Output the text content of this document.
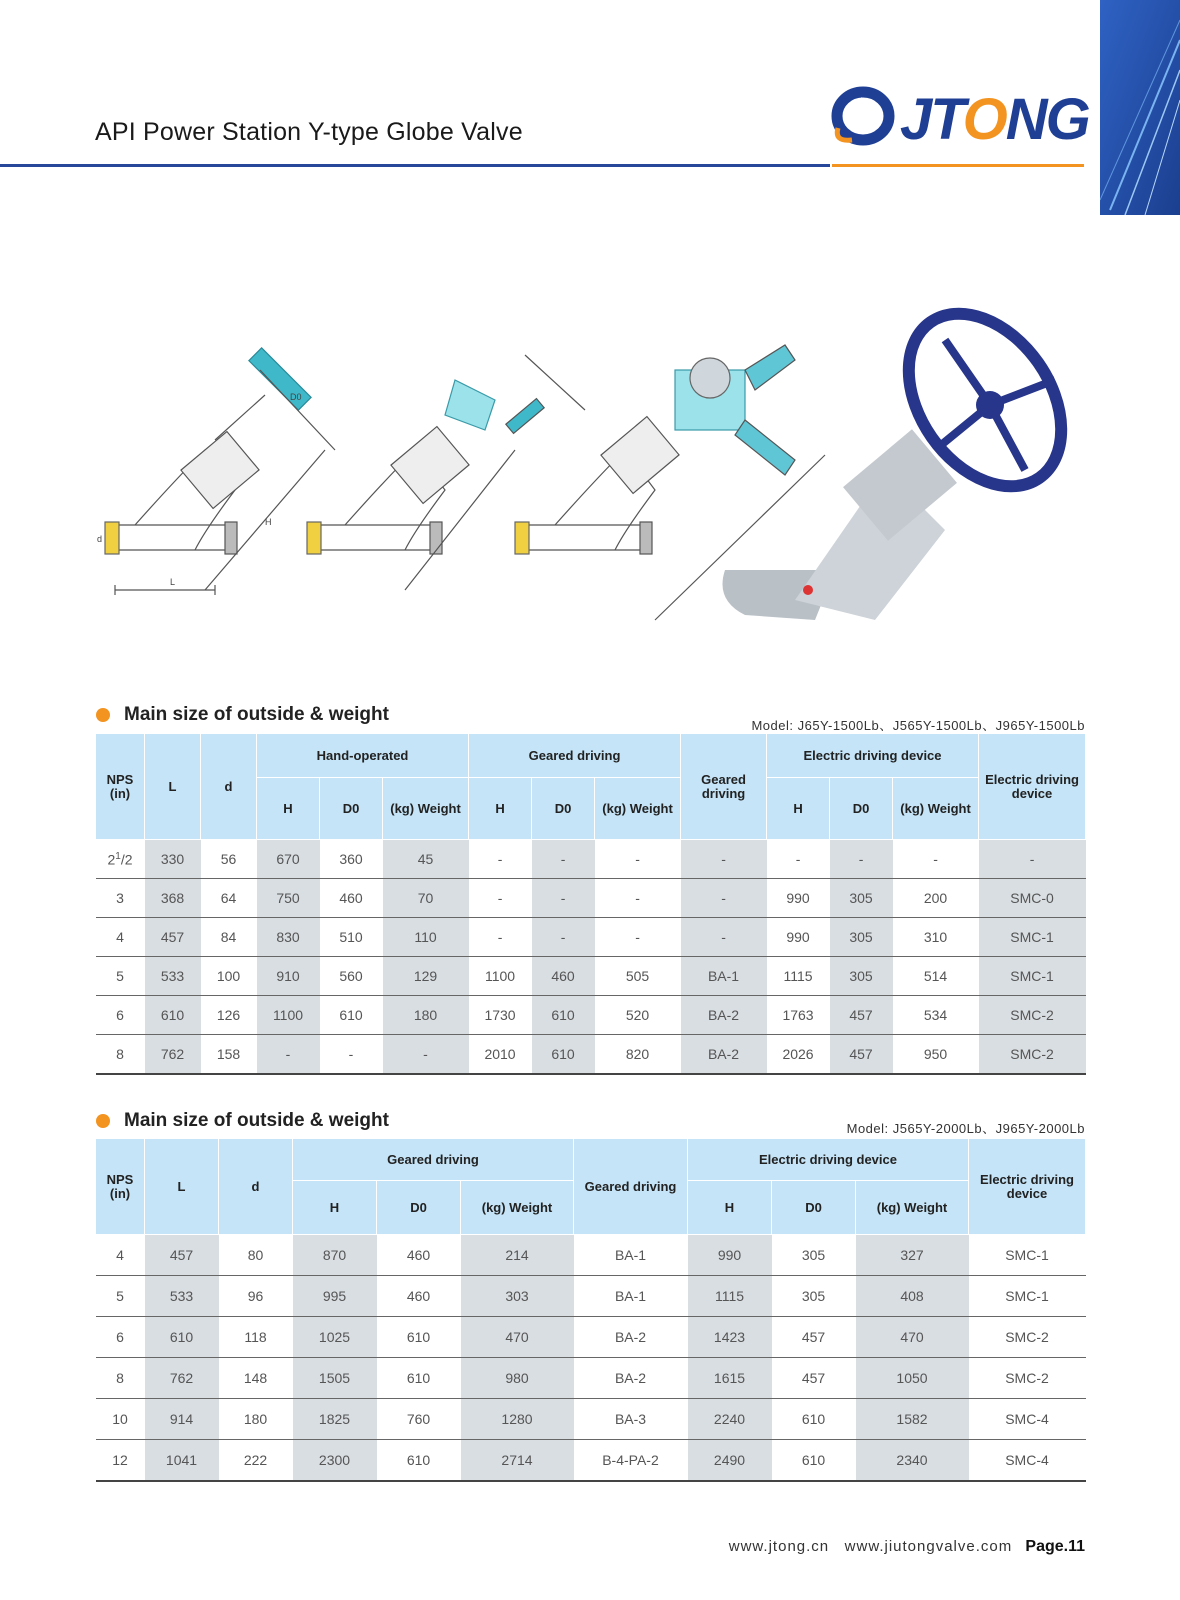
API Power Station Y-type Globe Valve	JTONG
L
H
d
D0
Main size of outside & weight
Model: J65Y-1500Lb、J565Y-1500Lb、J965Y-1500Lb
NPS (in)	L	d	Hand-operated			Geared driving			Geared driving	Electric driving device			Electric driving device
			H	D0	(kg) Weight	H	D0	(kg) Weight		H	D0	(kg) Weight	
$2^1/2$	330	56	670	360	45	-	-	-	-	-	-	-	-
3	368	64	750	460	70	-	-	-	-	990	305	200	SMC-0
4	457	84	830	510	110	-	-	-	-	990	305	310	SMC-1
5	533	100	910	560	129	1100	460	505	BA-1	1115	305	514	SMC-1
6	610	126	1100	610	180	1730	610	520	BA-2	1763	457	534	SMC-2
8	762	158	-	-	-	2010	610	820	BA-2	2026	457	950	SMC-2
Main size of outside & weight	Model: J565Y-2000Lb、J965Y-2000Lb
NPS (in)	L	d	Geared driving			Geared driving	Electric driving device			Electric driving device
			H	D0	(kg) Weight		H	D0	(kg) Weight	
4	457	80	870	460	214	BA-1	990	305	327	SMC-1
5	533	96	995	460	303	BA-1	1115	305	408	SMC-1
6	610	118	1025	610	470	BA-2	1423	457	470	SMC-2
8	762	148	1505	610	980	BA-2	1615	457	1050	SMC-2
10	914	180	1825	760	1280	BA-3	2240	610	1582	SMC-4
12	1041	222	2300	610	2714	B-4-PA-2	2490	610	2340	SMC-4
www.jtong.cn www.jiutongvalve.com Page.11
